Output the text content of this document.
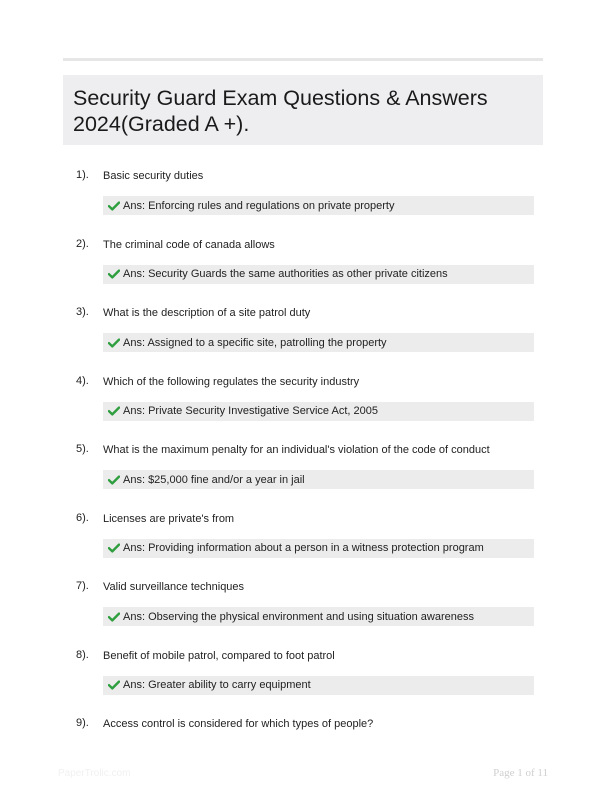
Security Guard Exam Questions & Answers 2024(Graded A +).
1). Basic security duties
Ans: Enforcing rules and regulations on private property
2). The criminal code of canada allows
Ans: Security Guards the same authorities as other private citizens
3). What is the description of a site patrol duty
Ans: Assigned to a specific site, patrolling the property
4). Which of the following regulates the security industry
Ans: Private Security Investigative Service Act, 2005
5). What is the maximum penalty for an individual's violation of the code of conduct
Ans: $25,000 fine and/or a year in jail
6). Licenses are private's from
Ans: Providing information about a person in a witness protection program
7). Valid surveillance techniques
Ans: Observing the physical environment and using situation awareness
8). Benefit of mobile patrol, compared to foot patrol
Ans: Greater ability to carry equipment
9). Access control is considered for which types of people?
PaperTrolic.com	Page 1 of 11
